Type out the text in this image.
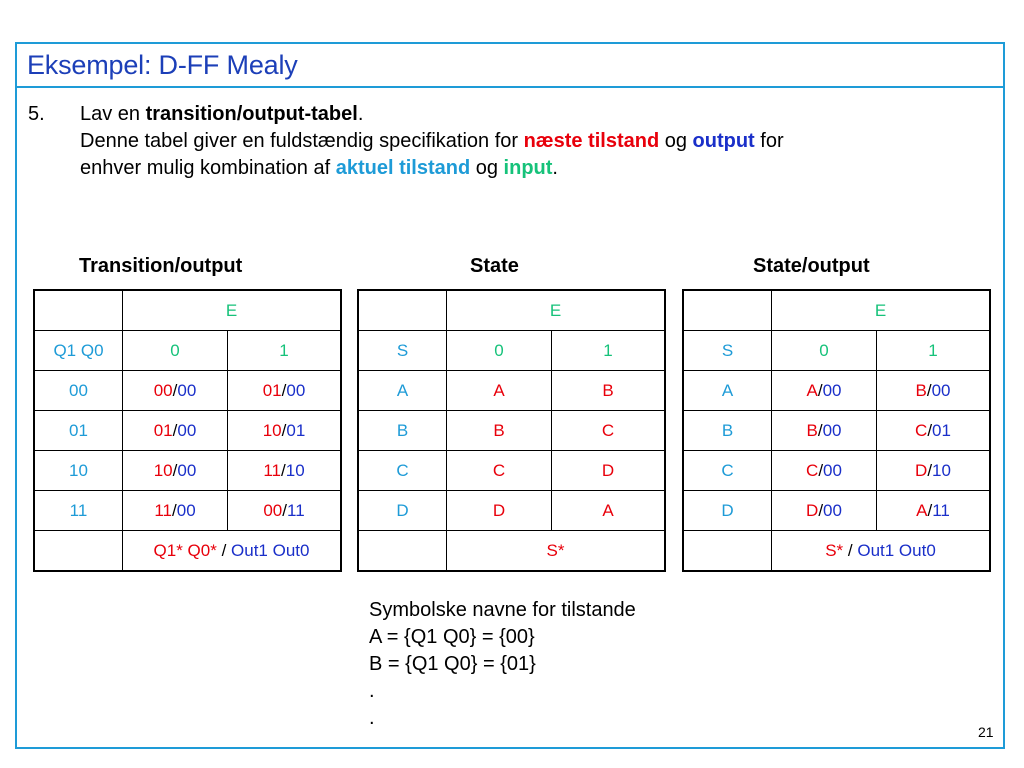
Eksempel: D-FF Mealy
5. Lav en transition/output-tabel.
Denne tabel giver en fuldstændig specifikation for næste tilstand og output for
enhver mulig kombination af aktuel tilstand og input.
Transition/output	State	State/output
	E	
Q1 Q0	0	1
00	00/00	01/00
01	01/00	10/01
10	10/00	11/10
11	11/00	00/11
	Q1* Q0* / Out1 Out0	
	E	
S	0	1
A	A	B
B	B	C
C	C	D
D	D	A
	S*	
	E	
S	0	1
A	A/00	B/00
B	B/00	C/01
C	C/00	D/10
D	D/00	A/11
	S* / Out1 Out0	
Symbolske navne for tilstande
A = {Q1 Q0} = {00}
B = {Q1 Q0} = {01}
.
.
21
